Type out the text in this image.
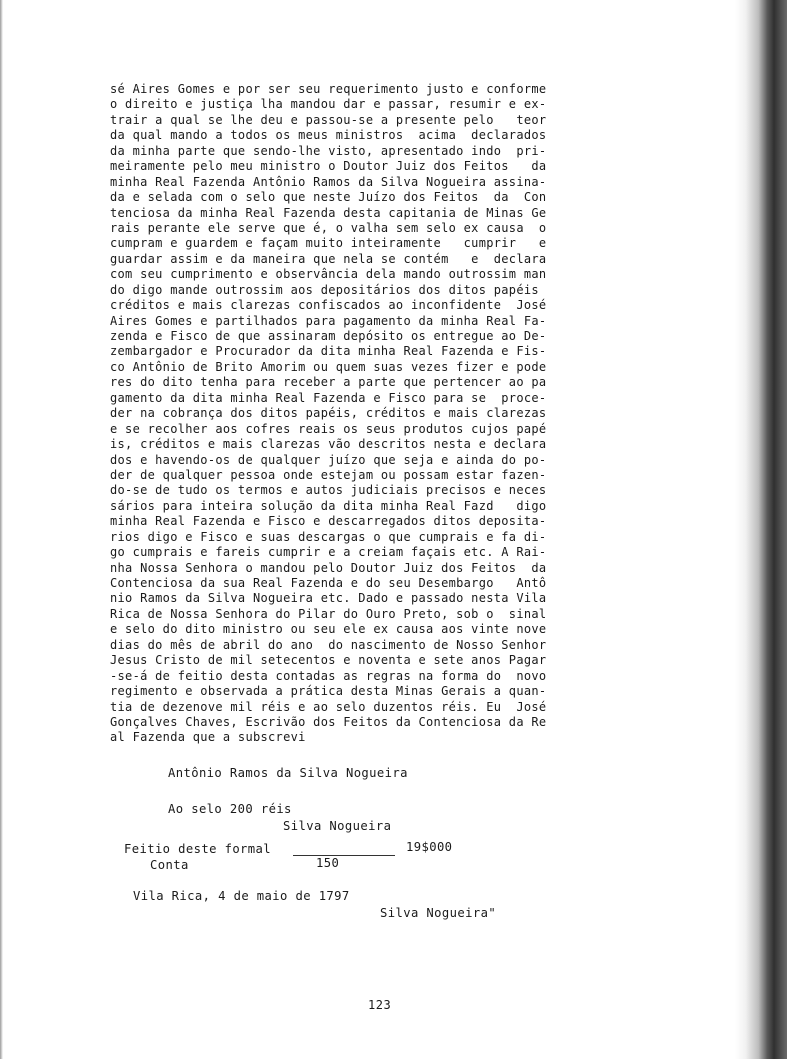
sé Aires Gomes e por ser seu requerimento justo e conforme
o direito e justiça lha mandou dar e passar, resumir e ex-
trair a qual se lhe deu e passou-se a presente pelo   teor
da qual mando a todos os meus ministros  acima  declarados
da minha parte que sendo-lhe visto, apresentado indo  pri-
meiramente pelo meu ministro o Doutor Juiz dos Feitos   da
minha Real Fazenda Antônio Ramos da Silva Nogueira assina-
da e selada com o selo que neste Juízo dos Feitos  da  Con
tenciosa da minha Real Fazenda desta capitania de Minas Ge
rais perante ele serve que é, o valha sem selo ex causa  o
cumpram e guardem e façam muito inteiramente   cumprir   e
guardar assim e da maneira que nela se contém   e  declara
com seu cumprimento e observância dela mando outrossim man
do digo mande outrossim aos depositários dos ditos papéis
créditos e mais clarezas confiscados ao inconfidente  José
Aires Gomes e partilhados para pagamento da minha Real Fa-
zenda e Fisco de que assinaram depósito os entregue ao De-
zembargador e Procurador da dita minha Real Fazenda e Fis-
co Antônio de Brito Amorim ou quem suas vezes fizer e pode
res do dito tenha para receber a parte que pertencer ao pa
gamento da dita minha Real Fazenda e Fisco para se  proce-
der na cobrança dos ditos papéis, créditos e mais clarezas
e se recolher aos cofres reais os seus produtos cujos papé
is, créditos e mais clarezas vão descritos nesta e declara
dos e havendo-os de qualquer juízo que seja e ainda do po-
der de qualquer pessoa onde estejam ou possam estar fazen-
do-se de tudo os termos e autos judiciais precisos e neces
sários para inteira solução da dita minha Real Fazd   digo
minha Real Fazenda e Fisco e descarregados ditos deposita-
rios digo e Fisco e suas descargas o que cumprais e fa di-
go cumprais e fareis cumprir e a creiam façais etc. A Rai-
nha Nossa Senhora o mandou pelo Doutor Juiz dos Feitos  da
Contenciosa da sua Real Fazenda e do seu Desembargo   Antô
nio Ramos da Silva Nogueira etc. Dado e passado nesta Vila
Rica de Nossa Senhora do Pilar do Ouro Preto, sob o  sinal
e selo do dito ministro ou seu ele ex causa aos vinte nove
dias do mês de abril do ano  do nascimento de Nosso Senhor
Jesus Cristo de mil setecentos e noventa e sete anos Pagar
-se-á de feitio desta contadas as regras na forma do  novo
regimento e observada a prática desta Minas Gerais a quan-
tia de dezenove mil réis e ao selo duzentos réis. Eu  José
Gonçalves Chaves, Escrivão dos Feitos da Contenciosa da Re
al Fazenda que a subscrevi
Antônio Ramos da Silva Nogueira
Ao selo 200 réis
Silva Nogueira
Feitio deste formal	19$000
Conta	150
Vila Rica, 4 de maio de 1797
Silva Nogueira"
123
